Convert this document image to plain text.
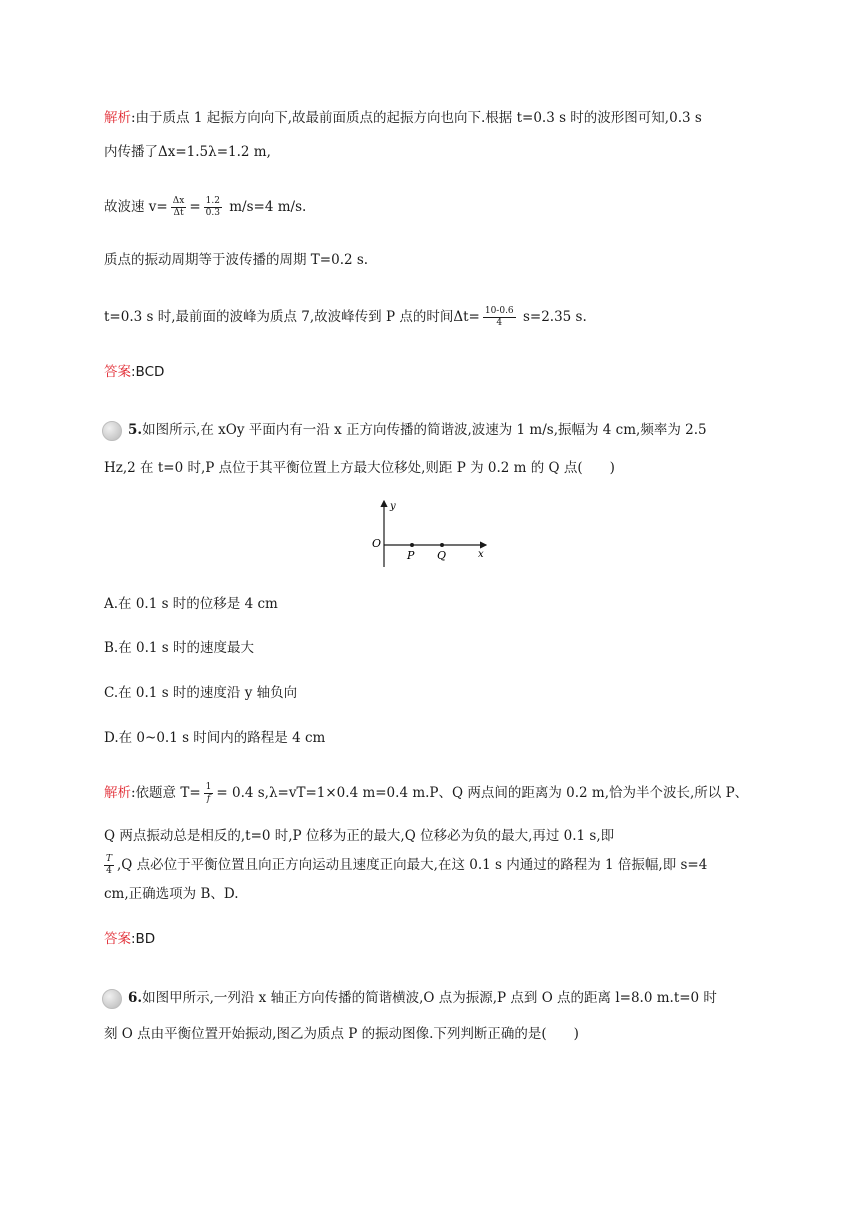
解析:由于质点 1 起振方向向下,故最前面质点的起振方向也向下.根据 t=0.3 s 时的波形图可知,0.3 s
内传播了Δx=1.5λ=1.2 m,
故波速 $v= \frac{\Delta x}{\Delta t} = \frac{1.2}{0.3} m/s=4$ m/s.
质点的振动周期等于波传播的周期 T=0.2 s.
t=0.3 s 时,最前面的波峰为质点 7,故波峰传到 P 点的时间$\Delta t= \frac{10-0.6}{4} s=2.35$ s.
答案:BCD
5.如图所示,在 xOy 平面内有一沿 x 正方向传播的简谐波,波速为 1 m/s,振幅为 4 cm,频率为 2.5
Hz,2 在 t=0 时,P 点位于其平衡位置上方最大位移处,则距 P 为 0.2 m 的 Q 点(　　)
y
O
P Q	x
A.在 0.1 s 时的位移是 4 cm
B.在 0.1 s 时的速度最大
C.在 0.1 s 时的速度沿 y 轴负向
D.在 0~0.1 s 时间内的路程是 4 cm
解析:依题意 $T= \frac{1}{f} = 0.4$ s,λ=vT=1×0.4 m=0.4 m.P、Q 两点间的距离为 0.2 m,恰为半个波长,所以 P、
Q 两点振动总是相反的,t=0 时,P 位移为正的最大,Q 位移必为负的最大,再过 0.1 s,即
$\frac{T}{4} ,Q$ 点必位于平衡位置且向正方向运动且速度正向最大,在这 0.1 s 内通过的路程为 1 倍振幅,即 s=4
cm,正确选项为 B、D.
答案:BD
6.如图甲所示,一列沿 x 轴正方向传播的简谐横波,O 点为振源,P 点到 O 点的距离 l=8.0 m.t=0 时
刻 O 点由平衡位置开始振动,图乙为质点 P 的振动图像.下列判断正确的是(　　)
